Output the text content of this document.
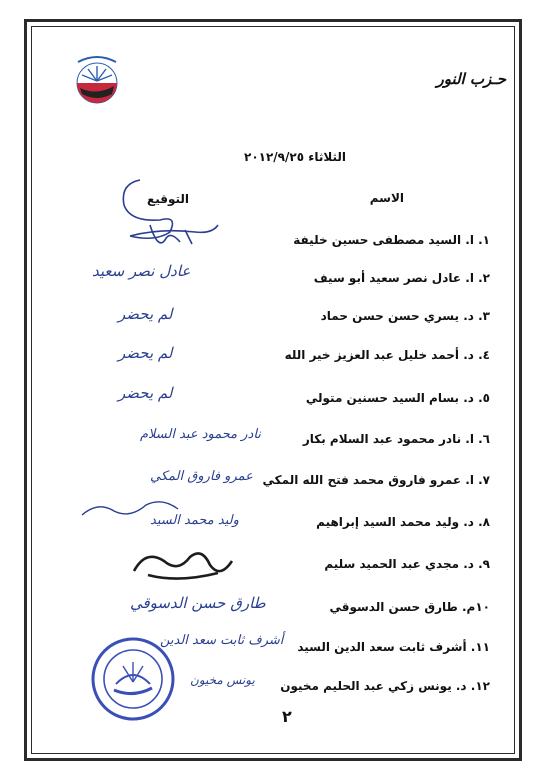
حـزب النور
الثلاثاء ٢٠١٢/٩/٢٥
الاسم
التوقيع
١. ا. السيد مصطفى حسين خليفة
٢. ا. عادل نصر سعيد أبو سيف
٣. د. يسري حسن حسن حماد
٤. د. أحمد خليل عبد العزيز خير الله
٥. د. بسام السيد حسنين متولي
٦. ا. نادر محمود عبد السلام بكار
٧. ا. عمرو فاروق محمد فتح الله المكي
٨. د. وليد محمد السيد إبراهيم
٩. د. مجدي عبد الحميد سليم
١٠م. طارق حسن الدسوقي
١١. أشرف ثابت سعد الدين السيد
١٢. د. يونس زكي عبد الحليم مخيون
عادل نصر سعيد
لم يحضر
لم يحضر
لم يحضر
نادر محمود عبد السلام
عمرو فاروق المكي
وليد محمد السيد
طارق حسن الدسوقي
أشرف ثابت سعد الدين
يونس مخيون
٢
